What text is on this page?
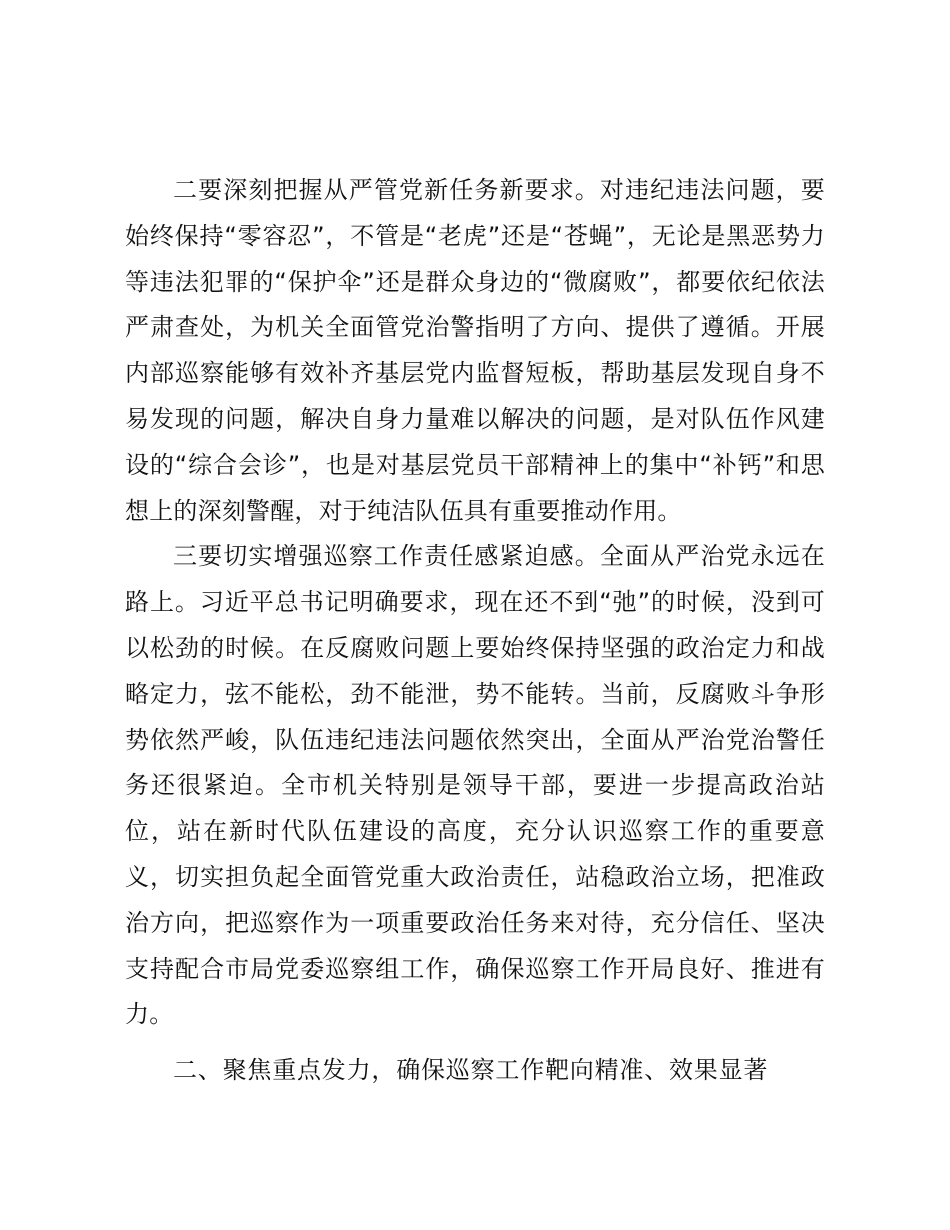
二要深刻把握从严管党新任务新要求。对违纪违法问题，要始终保持“零容忍”，不管是“老虎”还是“苍蝇”，无论是黑恶势力等违法犯罪的“保护伞”还是群众身边的“微腐败”，都要依纪依法严肃查处，为机关全面管党治警指明了方向、提供了遵循。开展内部巡察能够有效补齐基层党内监督短板，帮助基层发现自身不易发现的问题，解决自身力量难以解决的问题，是对队伍作风建设的“综合会诊”，也是对基层党员干部精神上的集中“补钙”和思想上的深刻警醒，对于纯洁队伍具有重要推动作用。

三要切实增强巡察工作责任感紧迫感。全面从严治党永远在路上。习近平总书记明确要求，现在还不到“弛”的时候，没到可以松劲的时候。在反腐败问题上要始终保持坚强的政治定力和战略定力，弦不能松，劲不能泄，势不能转。当前，反腐败斗争形势依然严峻，队伍违纪违法问题依然突出，全面从严治党治警任务还很紧迫。全市机关特别是领导干部，要进一步提高政治站位，站在新时代队伍建设的高度，充分认识巡察工作的重要意义，切实担负起全面管党重大政治责任，站稳政治立场，把准政治方向，把巡察作为一项重要政治任务来对待，充分信任、坚决支持配合市局党委巡察组工作，确保巡察工作开局良好、推进有力。

二、聚焦重点发力，确保巡察工作靶向精准、效果显著
